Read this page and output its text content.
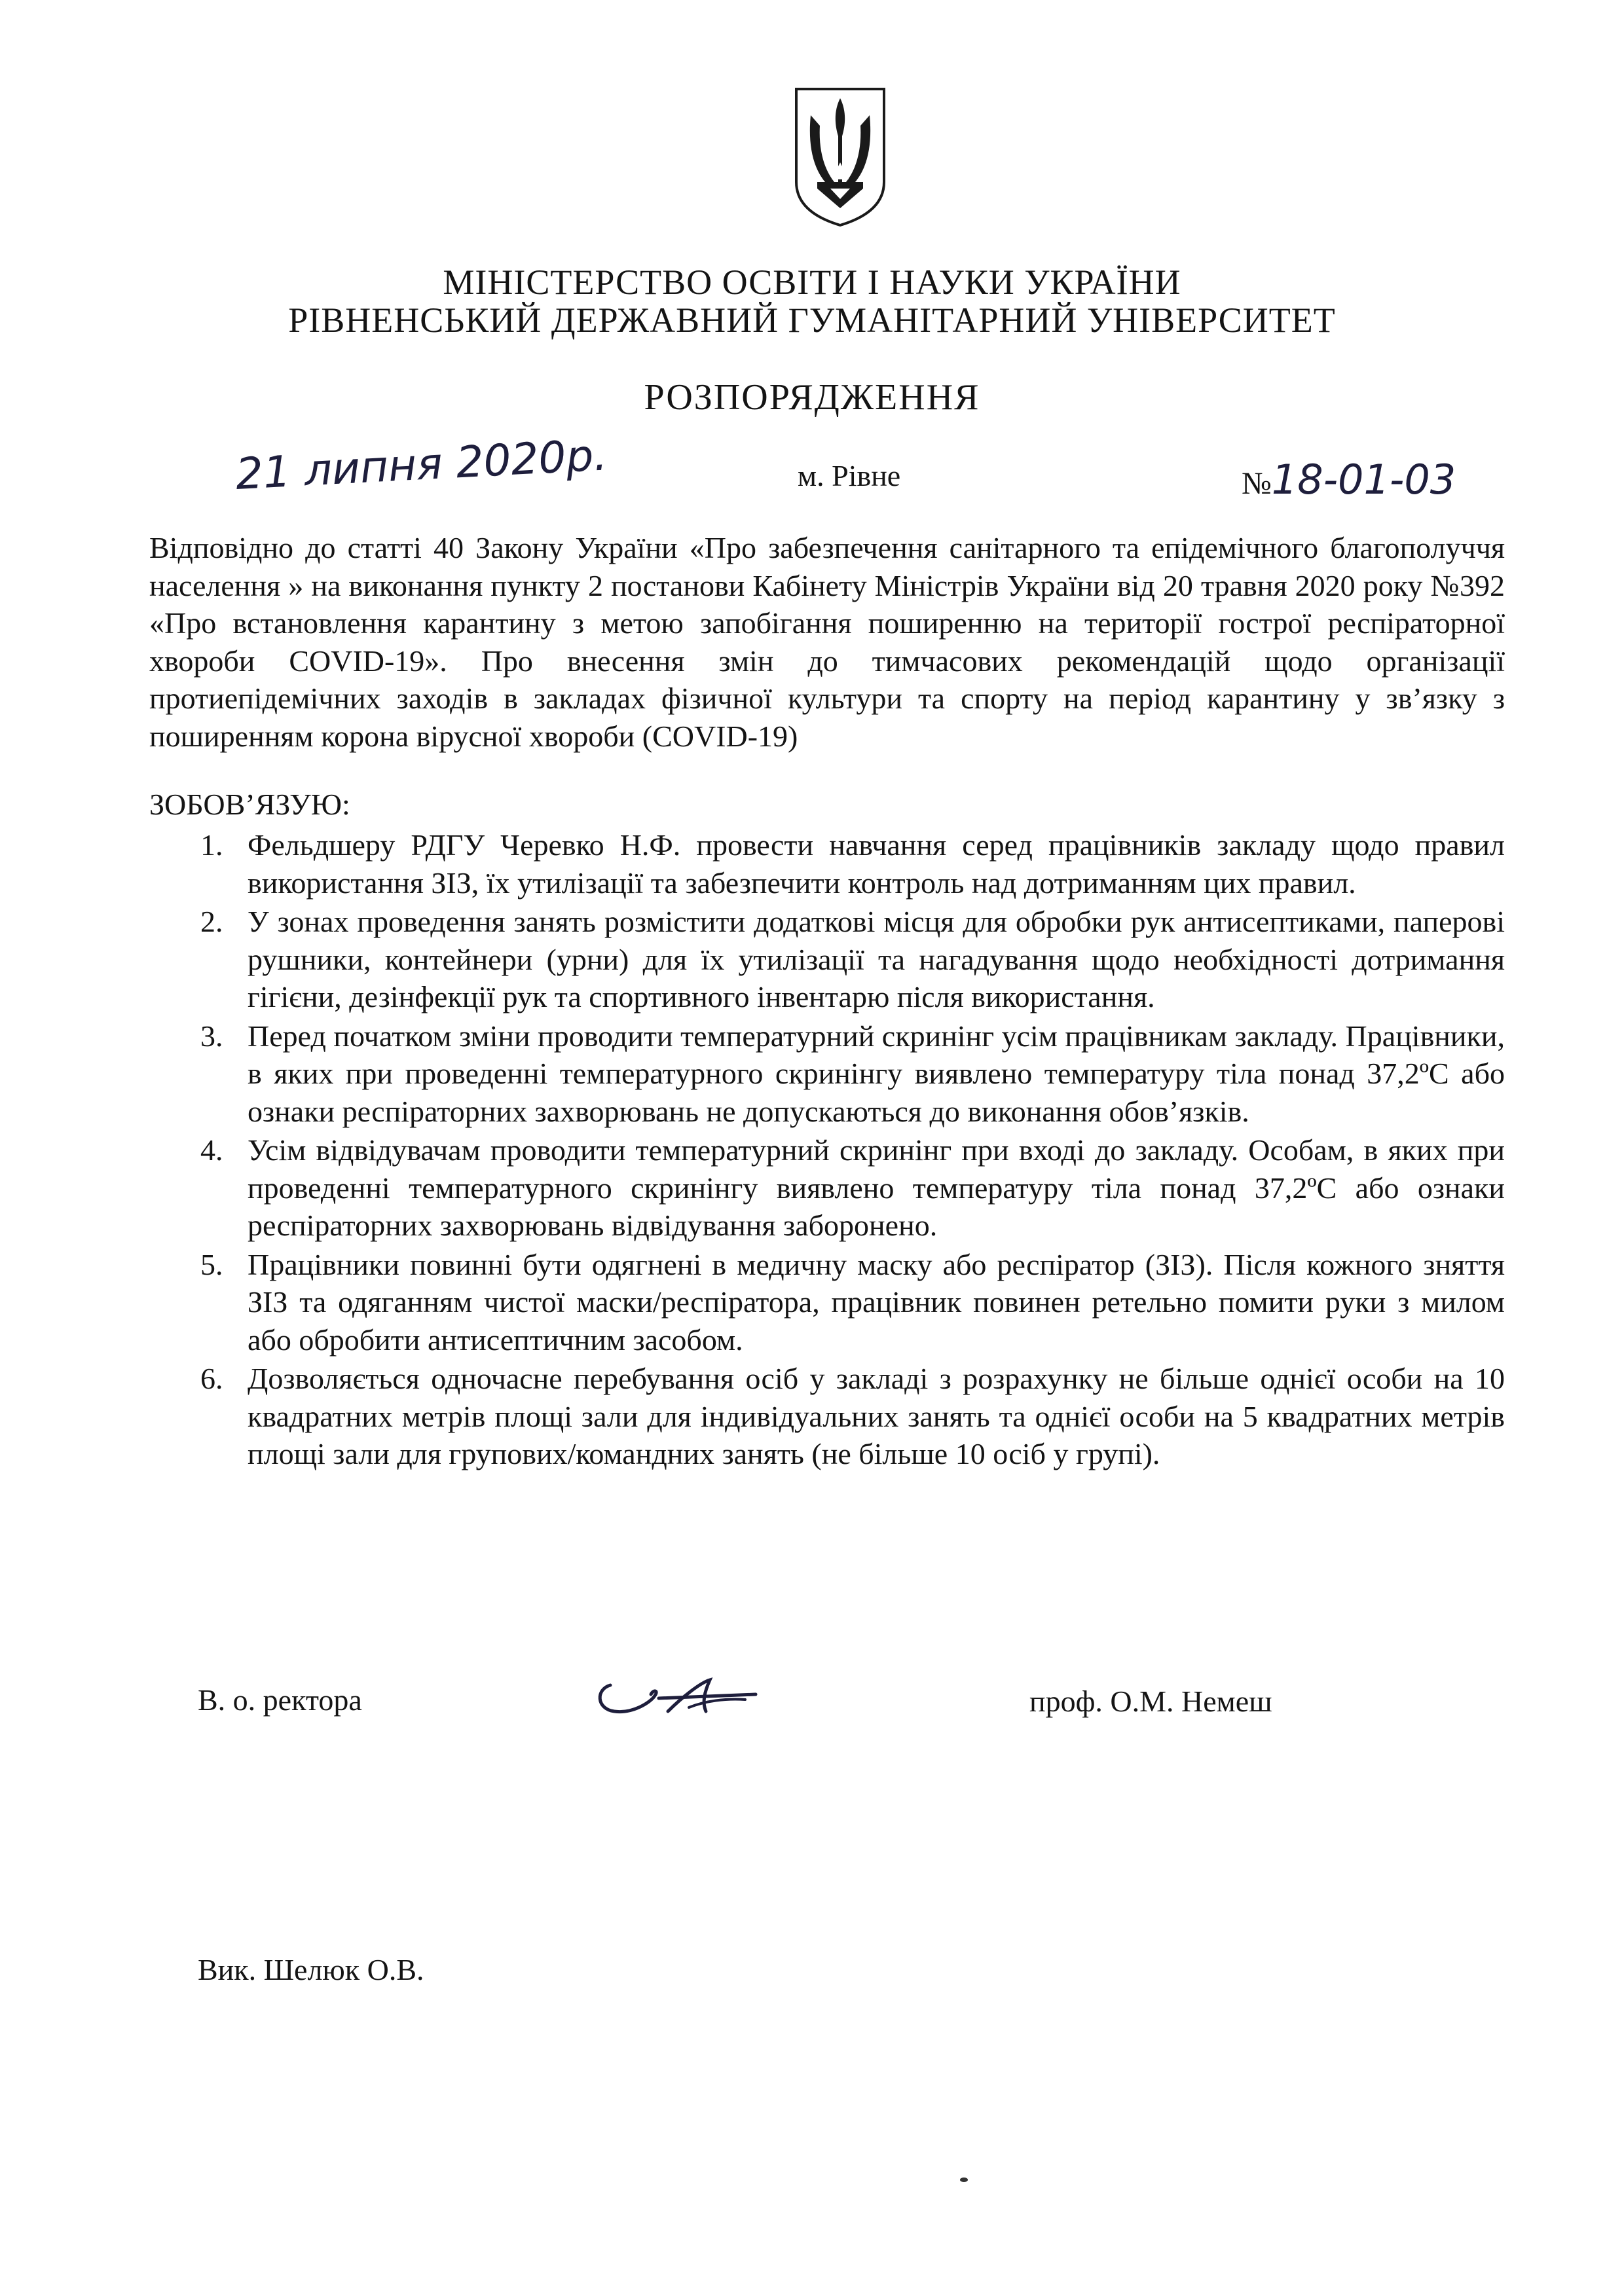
МІНІСТЕРСТВО ОСВІТИ І НАУКИ УКРАЇНИ
РІВНЕНСЬКИЙ ДЕРЖАВНИЙ ГУМАНІТАРНИЙ УНІВЕРСИТЕТ
РОЗПОРЯДЖЕННЯ
21 липня 2020р.	м. Рівне	№18-01-03
Відповідно до статті 40 Закону України «Про забезпечення санітарного та епідемічного благополуччя населення » на виконання пункту 2 постанови Кабінету Міністрів України від 20 травня 2020 року №392 «Про встановлення карантину з метою запобігання поширенню на території гострої респіраторної хвороби COVID-19». Про внесення змін до тимчасових рекомендацій щодо організації протиепідемічних заходів в закладах фізичної культури та спорту на період карантину у зв’язку з поширенням корона вірусної хвороби (COVID-19)
ЗОБОВ’ЯЗУЮ:
1. Фельдшеру РДГУ Черевко Н.Ф. провести навчання серед працівників закладу щодо правил використання ЗІЗ, їх утилізації та забезпечити контроль над дотриманням цих правил.
2. У зонах проведення занять розмістити додаткові місця для обробки рук антисептиками, паперові рушники, контейнери (урни) для їх утилізації та нагадування щодо необхідності дотримання гігієни, дезінфекції рук та спортивного інвентарю після використання.
3. Перед початком зміни проводити температурний скринінг усім працівникам закладу. Працівники, в яких при проведенні температурного скринінгу виявлено температуру тіла понад 37,2ºС або ознаки респіраторних захворювань не допускаються до виконання обов’язків.
4. Усім відвідувачам проводити температурний скринінг при вході до закладу. Особам, в яких при проведенні температурного скринінгу виявлено температуру тіла понад 37,2ºС або ознаки респіраторних захворювань відвідування заборонено.
5. Працівники повинні бути одягнені в медичну маску або респіратор (ЗІЗ). Після кожного зняття ЗІЗ та одяганням чистої маски/респіратора, працівник повинен ретельно помити руки з милом або обробити антисептичним засобом.
6. Дозволяється одночасне перебування осіб у закладі з розрахунку не більше однієї особи на 10 квадратних метрів площі зали для індивідуальних занять та однієї особи на 5 квадратних метрів площі зали для групових/командних занять (не більше 10 осіб у групі).
В. о. ректора	проф. О.М. Немеш
Вик. Шелюк О.В.
